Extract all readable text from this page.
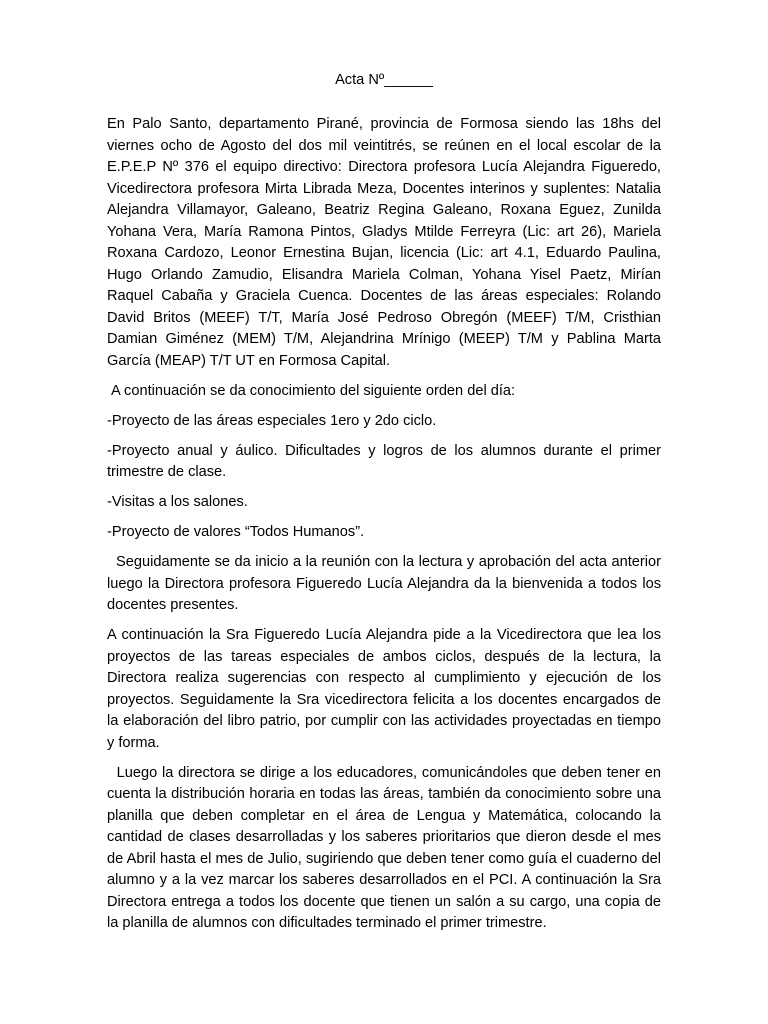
Acta Nº______

En Palo Santo, departamento Pirané, provincia de Formosa siendo las 18hs del viernes ocho de Agosto del dos mil veintitrés, se reúnen en el local escolar de la E.P.E.P Nº 376 el equipo directivo: Directora profesora Lucía Alejandra Figueredo, Vicedirectora profesora Mirta Librada Meza, Docentes interinos y suplentes: Natalia Alejandra Villamayor, Galeano, Beatriz Regina Galeano, Roxana Eguez, Zunilda Yohana Vera, María Ramona Pintos, Gladys Mtilde Ferreyra (Lic: art 26), Mariela Roxana Cardozo, Leonor Ernestina Bujan, licencia (Lic: art 4.1, Eduardo Paulina, Hugo Orlando Zamudio, Elisandra Mariela Colman, Yohana Yisel Paetz, Mirían Raquel Cabaña y Graciela Cuenca. Docentes de las áreas especiales: Rolando David Britos (MEEF) T/T, María José Pedroso Obregón (MEEF) T/M, Cristhian Damian Giménez (MEM) T/M, Alejandrina Mrínigo (MEEP) T/M y Pablina Marta García (MEAP) T/T UT en Formosa Capital.

A continuación se da conocimiento del siguiente orden del día:

-Proyecto de las áreas especiales 1ero y 2do ciclo.

-Proyecto anual y áulico. Dificultades y logros de los alumnos durante el primer trimestre de clase.

-Visitas a los salones.

-Proyecto de valores “Todos Humanos”.

Seguidamente se da inicio a la reunión con la lectura y aprobación del acta anterior luego la Directora profesora Figueredo Lucía Alejandra da la bienvenida a todos los docentes presentes.

A continuación la Sra Figueredo Lucía Alejandra pide a la Vicedirectora que lea los proyectos de las tareas especiales de ambos ciclos, después de la lectura, la Directora realiza sugerencias con respecto al cumplimiento y ejecución de los proyectos. Seguidamente la Sra vicedirectora felicita a los docentes encargados de la elaboración del libro patrio, por cumplir con las actividades proyectadas en tiempo y forma.

Luego la directora se dirige a los educadores, comunicándoles que deben tener en cuenta la distribución horaria en todas las áreas, también da conocimiento sobre una planilla que deben completar en el área de Lengua y Matemática, colocando la cantidad de clases desarrolladas y los saberes prioritarios que dieron desde el mes de Abril hasta el mes de Julio, sugiriendo que deben tener como guía el cuaderno del alumno y a la vez marcar los saberes desarrollados en el PCI. A continuación la Sra Directora entrega a todos los docente que tienen un salón a su cargo, una copia de la planilla de alumnos con dificultades terminado el primer trimestre.
